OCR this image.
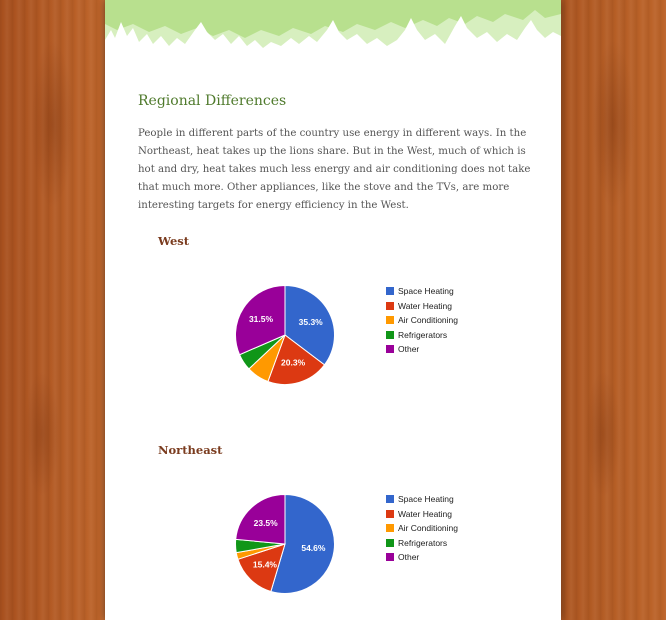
Regional Differences

People in different parts of the country use energy in different ways. In the Northeast, heat takes up the lions share. But in the West, much of which is hot and dry, heat takes much less energy and air conditioning does not take that much more. Other appliances, like the stove and the TVs, are more interesting targets for energy efficiency in the West.

West
35.3%
20.3%
31.5%
Space Heating
Water Heating
Air Conditioning
Refrigerators
Other
Northeast
54.6%
15.4%
23.5%
Space Heating
Water Heating
Air Conditioning
Refrigerators
Other
